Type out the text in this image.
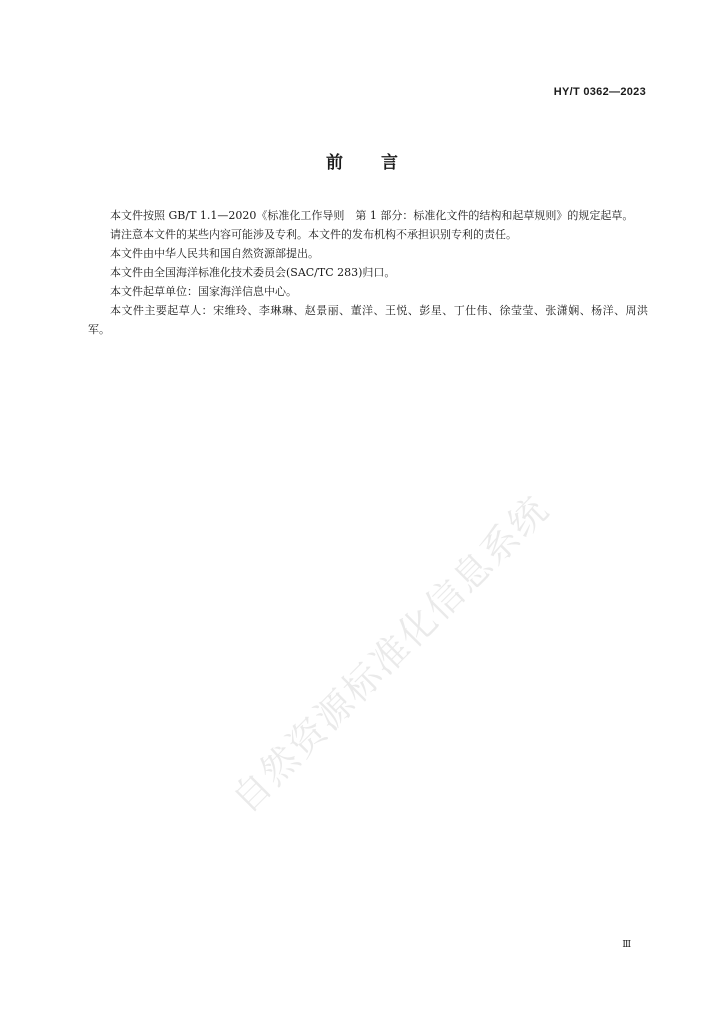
HY/T 0362—2023
前言

本文件按照 GB/T 1.1—2020《标准化工作导则　第 1 部分：标准化文件的结构和起草规则》的规定起草。

请注意本文件的某些内容可能涉及专利。本文件的发布机构不承担识别专利的责任。

本文件由中华人民共和国自然资源部提出。

本文件由全国海洋标准化技术委员会(SAC/TC 283)归口。

本文件起草单位：国家海洋信息中心。

本文件主要起草人：宋维玲、李琳琳、赵景丽、董洋、王悦、彭星、丁仕伟、徐莹莹、张潇娴、杨洋、周洪军。

自然资源标准化信息系统
III
